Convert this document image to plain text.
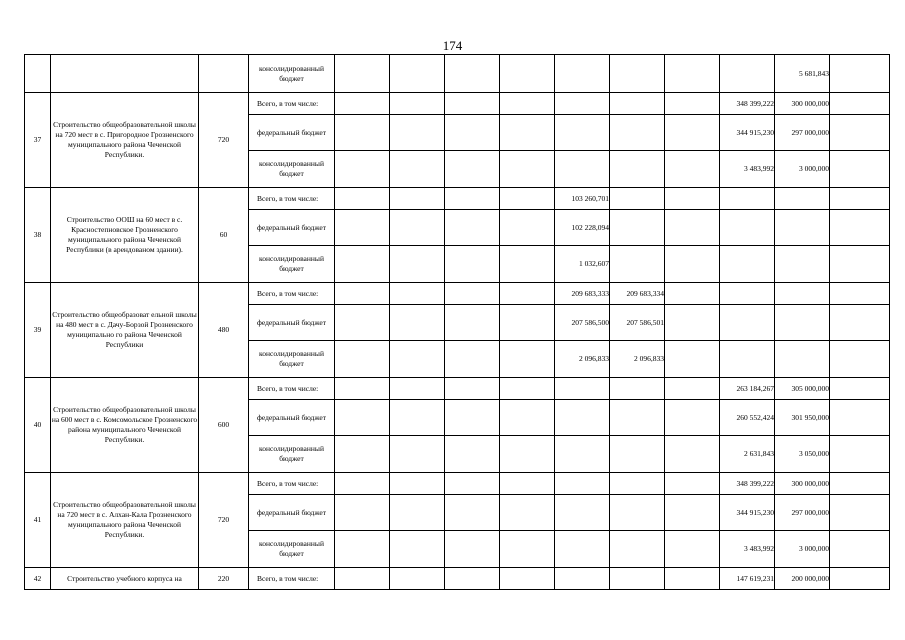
174
			консолидированный бюджет									5 681,843	
37	Строительство общеобразовательной школы на 720 мест в с. Пригородное Грозненского муниципального района Чеченской Республики.	720	Всего, в том числе:								348 399,222	300 000,000	
			федеральный бюджет								344 915,230	297 000,000	
			консолидированный бюджет								3 483,992	3 000,000	
38	Строительство ООШ на 60 мест в с. Красностепновское Грозненского муниципального района Чеченской Республики (в арендованом здании).	60	Всего, в том числе:					103 260,701					
			федеральный бюджет					102 228,094					
			консолидированный бюджет					1 032,607					
39	Строительство общеобразоват ельной школы на 480 мест в с. Дачу-Борзой Грозненского муниципально го района Чеченской Республики	480	Всего, в том числе:					209 683,333	209 683,334				
			федеральный бюджет					207 586,500	207 586,501				
			консолидированный бюджет					2 096,833	2 096,833				
40	Строительство общеобразовательной школы на 600 мест в с. Комсомольское Грозненского района муниципального Чеченской Республики.	600	Всего, в том числе:								263 184,267	305 000,000	
			федеральный бюджет								260 552,424	301 950,000	
			консолидированный бюджет								2 631,843	3 050,000	
41	Строительство общеобразовательной школы на 720 мест в с. Алхан-Кала Грозненского муниципального района Чеченской Республики.	720	Всего, в том числе:								348 399,222	300 000,000	
			федеральный бюджет								344 915,230	297 000,000	
			консолидированный бюджет								3 483,992	3 000,000	
42	Строительство учебного корпуса на	220	Всего, в том числе:								147 619,231	200 000,000	
